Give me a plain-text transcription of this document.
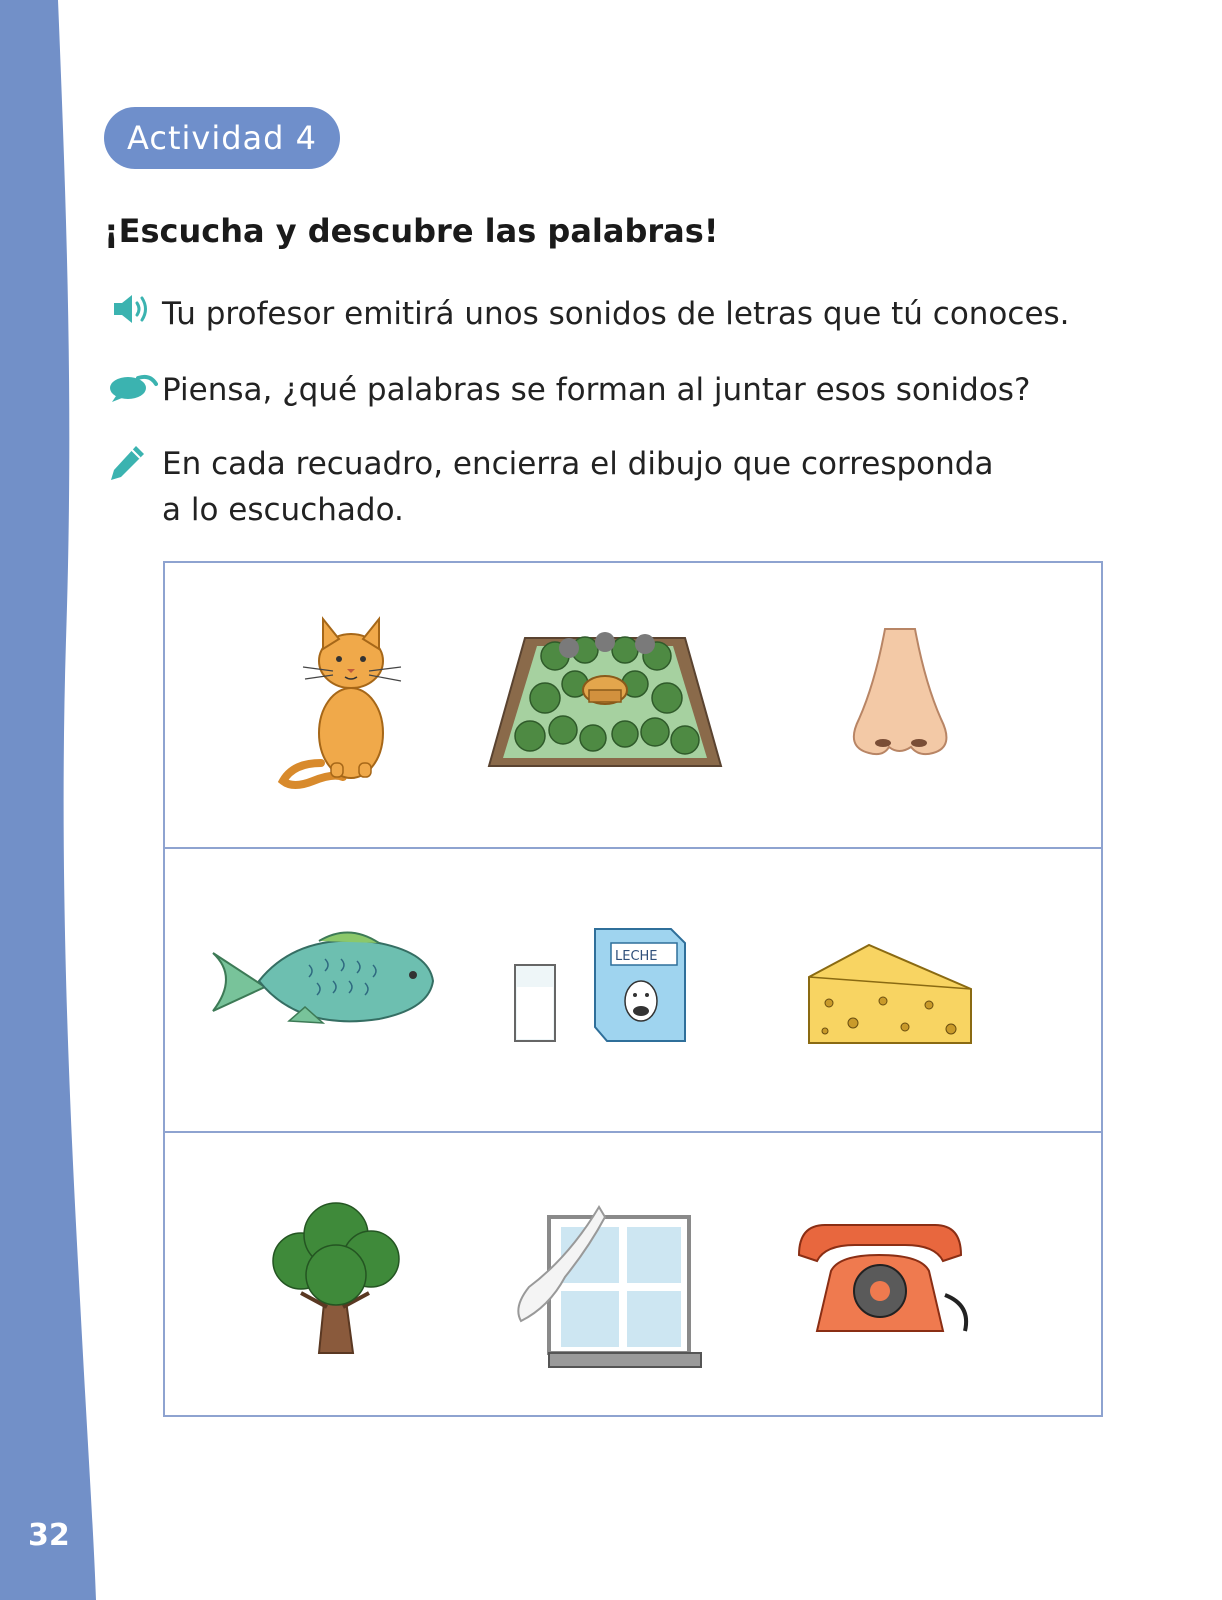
32
Actividad 4
¡Escucha y descubre las palabras!
Tu profesor emitirá unos sonidos de letras que tú conoces.
Piensa, ¿qué palabras se forman al juntar esos sonidos?
En cada recuadro, encierra el dibujo que corresponda
a lo escuchado.
LECHE
